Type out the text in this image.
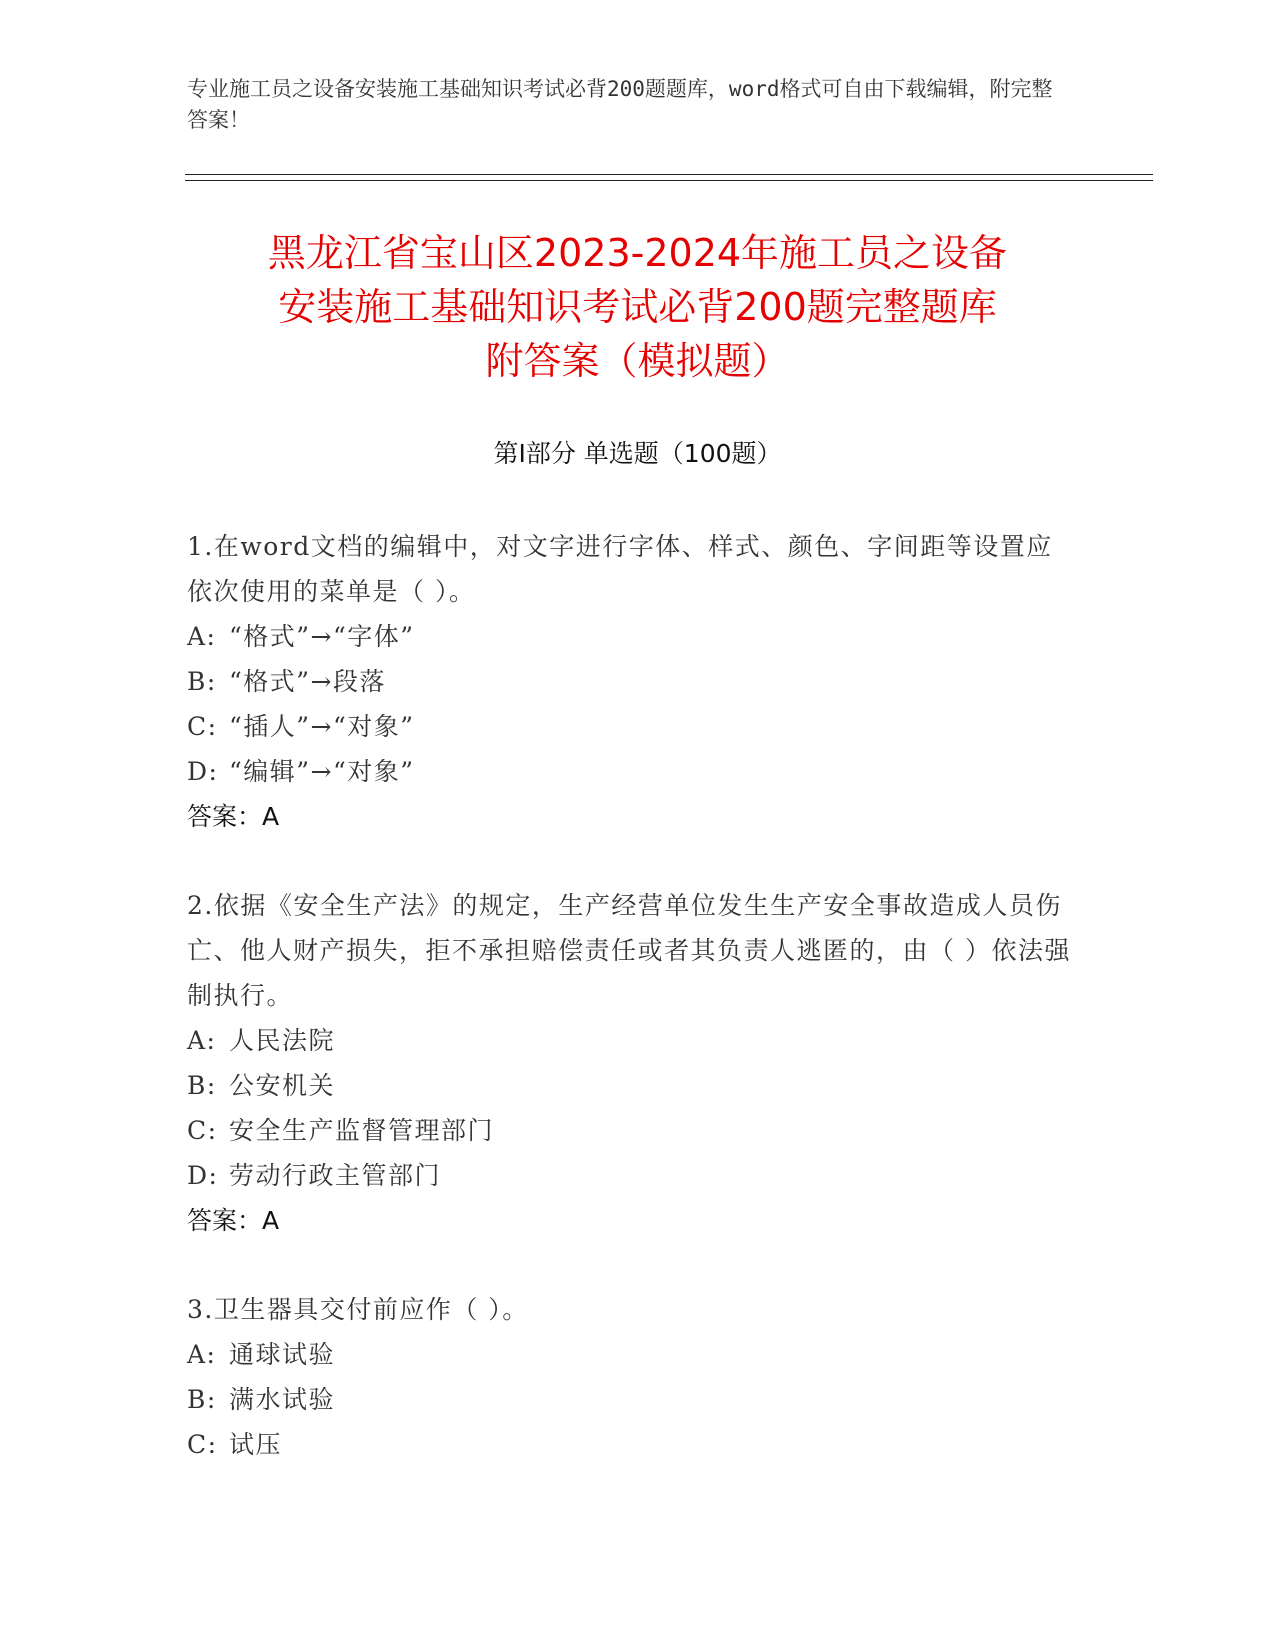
专业施工员之设备安装施工基础知识考试必背200题题库，word格式可自由下载编辑，附完整答案！

黑龙江省宝山区2023-2024年施工员之设备
安装施工基础知识考试必背200题完整题库
附答案（模拟题）
第Ⅰ部分 单选题（100题）

1.在word文档的编辑中，对文字进行字体、样式、颜色、字间距等设置应依次使用的菜单是（ ）。

A: “格式”→“字体”

B: “格式”→段落

C: “插人”→“对象”

D: “编辑”→“对象”

答案：A

2.依据《安全生产法》的规定，生产经营单位发生生产安全事故造成人员伤亡、他人财产损失，拒不承担赔偿责任或者其负责人逃匿的，由（ ）依法强制执行。

A: 人民法院

B: 公安机关

C: 安全生产监督管理部门

D: 劳动行政主管部门

答案：A

3.卫生器具交付前应作（ ）。

A: 通球试验

B: 满水试验

C: 试压
